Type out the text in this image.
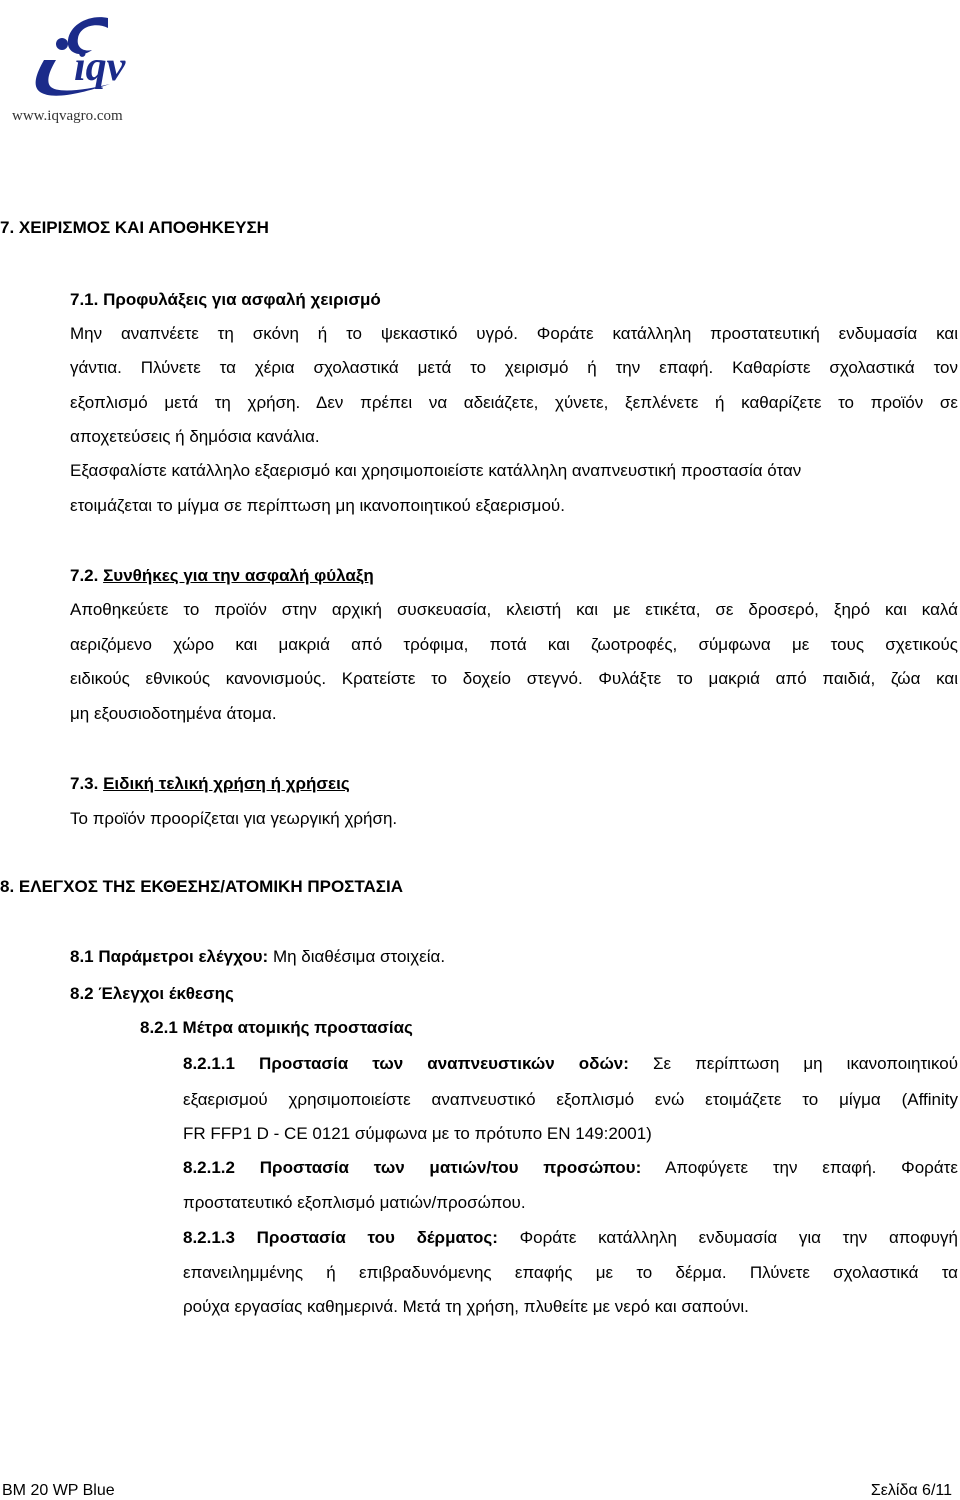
iqv
www.iqvagro.com
7. ΧΕΙΡΙΣΜΟΣ ΚΑΙ ΑΠΟΘΗΚΕΥΣΗ
7.1. Προφυλάξεις για ασφαλή χειρισμό
Μην αναπνέετε τη σκόνη ή το ψεκαστικό υγρό. Φοράτε κατάλληλη προστατευτική ενδυμασία και
γάντια. Πλύνετε τα χέρια σχολαστικά μετά το χειρισμό ή την επαφή. Καθαρίστε σχολαστικά τον
εξοπλισμό μετά τη χρήση. Δεν πρέπει να αδειάζετε, χύνετε, ξεπλένετε ή καθαρίζετε το προϊόν σε
αποχετεύσεις ή δημόσια κανάλια.
Εξασφαλίστε κατάλληλο εξαερισμό και χρησιμοποιείστε κατάλληλη αναπνευστική προστασία όταν
ετοιμάζεται το μίγμα σε περίπτωση μη ικανοποιητικού εξαερισμού.
7.2. Συνθήκες για την ασφαλή φύλαξη
Αποθηκεύετε το προϊόν στην αρχική συσκευασία, κλειστή και με ετικέτα, σε δροσερό, ξηρό και καλά
αεριζόμενο χώρο και μακριά από τρόφιμα, ποτά και ζωοτροφές, σύμφωνα με τους σχετικούς
ειδικούς εθνικούς κανονισμούς. Κρατείστε το δοχείο στεγνό. Φυλάξτε το μακριά από παιδιά, ζώα και
μη εξουσιοδοτημένα άτομα.
7.3. Ειδική τελική χρήση ή χρήσεις
Το προϊόν προορίζεται για γεωργική χρήση.
8. ΕΛΕΓΧΟΣ ΤΗΣ ΕΚΘΕΣΗΣ/ΑΤΟΜΙΚΗ ΠΡΟΣΤΑΣΙΑ
8.1 Παράμετροι ελέγχου: Μη διαθέσιμα στοιχεία.
8.2 Έλεγχοι έκθεσης
8.2.1 Μέτρα ατομικής προστασίας
8.2.1.1 Προστασία των αναπνευστικών οδών: Σε περίπτωση μη ικανοποιητικού
εξαερισμού χρησιμοποιείστε αναπνευστικό εξοπλισμό ενώ ετοιμάζετε το μίγμα (Affinity
FR FFP1 D - CE 0121 σύμφωνα με το πρότυπο EN 149:2001)
8.2.1.2 Προστασία των ματιών/του προσώπου: Αποφύγετε την επαφή. Φοράτε
προστατευτικό εξοπλισμό ματιών/προσώπου.
8.2.1.3 Προστασία του δέρματος: Φοράτε κατάλληλη ενδυμασία για την αποφυγή
επανειλημμένης ή επιβραδυνόμενης επαφής με το δέρμα. Πλύνετε σχολαστικά τα
ρούχα εργασίας καθημερινά. Μετά τη χρήση, πλυθείτε με νερό και σαπούνι.
BM 20 WP Blue	Σελίδα 6/11
